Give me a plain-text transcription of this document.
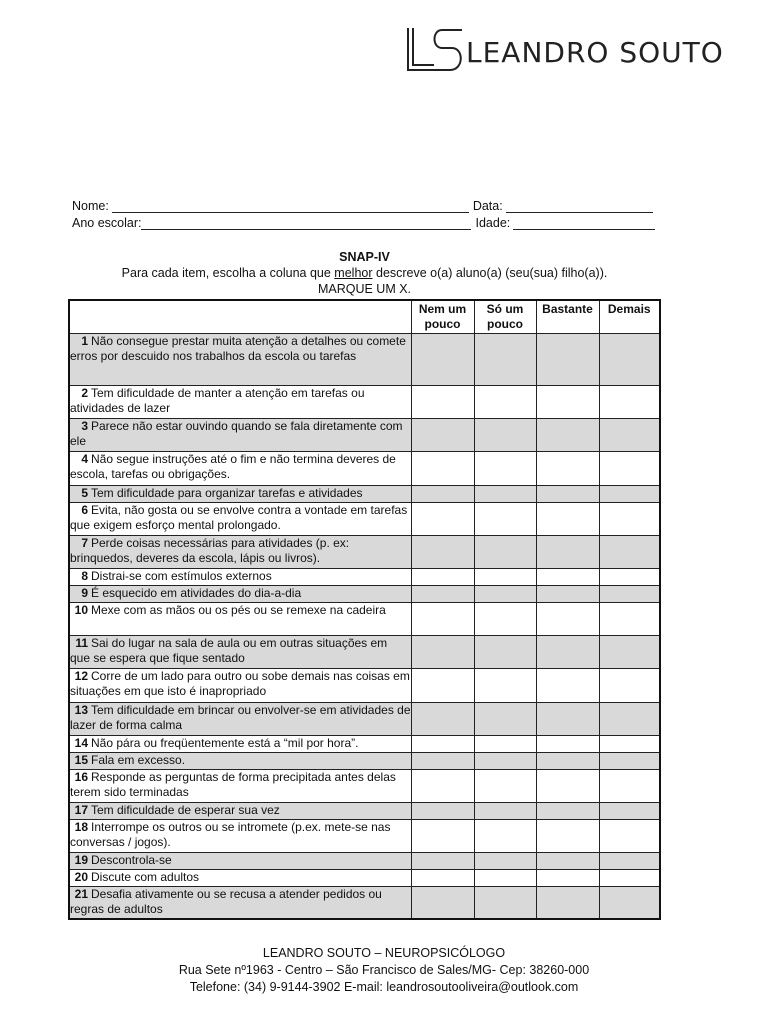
LEANDRO SOUTO
Nome:	Data:
Ano escolar:	Idade:
SNAP-IV
Para cada item, escolha a coluna que melhor descreve o(a) aluno(a) (seu(sua) filho(a)).
MARQUE UM X.
	Nem um pouco	Só um pouco	Bastante	Demais
1 Não consegue prestar muita atenção a detalhes ou comete erros por descuido nos trabalhos da escola ou tarefas				
2 Tem dificuldade de manter a atenção em tarefas ou atividades de lazer				
3 Parece não estar ouvindo quando se fala diretamente com ele				
4 Não segue instruções até o fim e não termina deveres de escola, tarefas ou obrigações.				
5 Tem dificuldade para organizar tarefas e atividades				
6 Evita, não gosta ou se envolve contra a vontade em tarefas que exigem esforço mental prolongado.				
7 Perde coisas necessárias para atividades (p. ex: brinquedos, deveres da escola, lápis ou livros).				
8 Distrai-se com estímulos externos				
9 É esquecido em atividades do dia-a-dia				
10 Mexe com as mãos ou os pés ou se remexe na cadeira				
11 Sai do lugar na sala de aula ou em outras situações em que se espera que fique sentado				
12 Corre de um lado para outro ou sobe demais nas coisas em situações em que isto é inapropriado				
13 Tem dificuldade em brincar ou envolver-se em atividades de lazer de forma calma				
14 Não pára ou freqüentemente está a “mil por hora”.				
15 Fala em excesso.				
16 Responde as perguntas de forma precipitada antes delas terem sido terminadas				
17 Tem dificuldade de esperar sua vez				
18 Interrompe os outros ou se intromete (p.ex. mete-se nas conversas / jogos).				
19 Descontrola-se				
20 Discute com adultos				
21 Desafia ativamente ou se recusa a atender pedidos ou regras de adultos				
LEANDRO SOUTO – NEUROPSICÓLOGO
Rua Sete nº1963 - Centro – São Francisco de Sales/MG- Cep: 38260-000
Telefone: (34) 9-9144-3902 E-mail: leandrosoutooliveira@outlook.com
